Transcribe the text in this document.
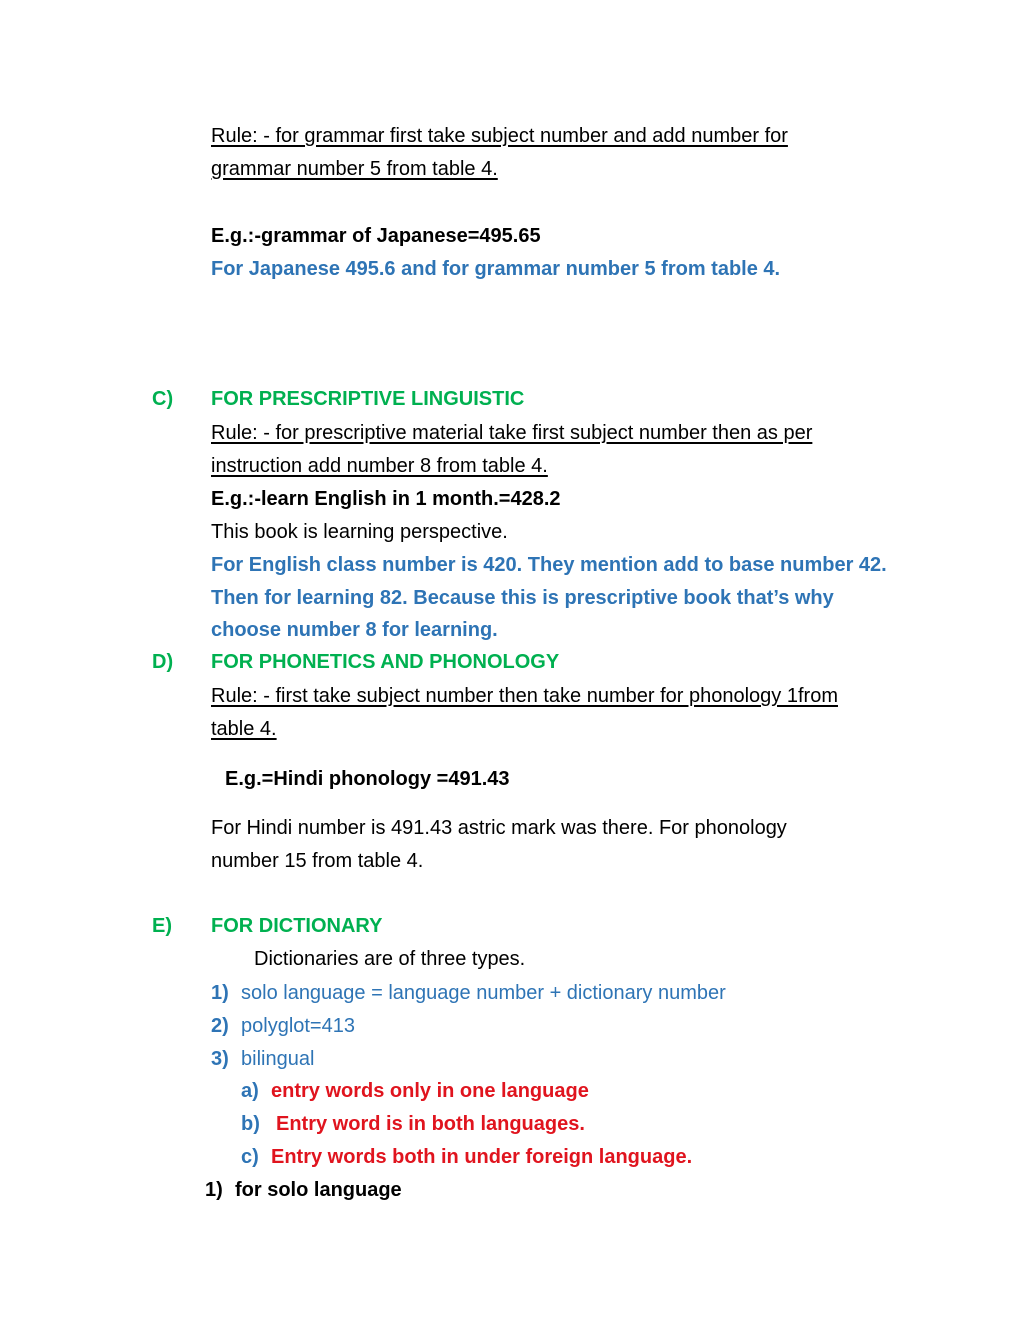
Rule: - for grammar first take subject number and add number for
grammar number 5 from table 4.
E.g.:-grammar of Japanese=495.65
For Japanese 495.6 and for grammar number 5 from table 4.
C) FOR PRESCRIPTIVE LINGUISTIC
Rule: - for prescriptive material take first subject number then as per
instruction add number 8 from table 4.
E.g.:-learn English in 1 month.=428.2
This book is learning perspective.
For English class number is 420. They mention add to base number 42.
Then for learning 82. Because this is prescriptive book that’s why
choose number 8 for learning.
D) FOR PHONETICS AND PHONOLOGY
Rule: - first take subject number then take number for phonology 1from
table 4.
E.g.=Hindi phonology =491.43
For Hindi number is 491.43 astric mark was there. For phonology
number 15 from table 4.
E) FOR DICTIONARY
Dictionaries are of three types.
1) solo language = language number + dictionary number
2) polyglot=413
3) bilingual
a) entry words only in one language
b) Entry word is in both languages.
c) Entry words both in under foreign language.
1) for solo language
